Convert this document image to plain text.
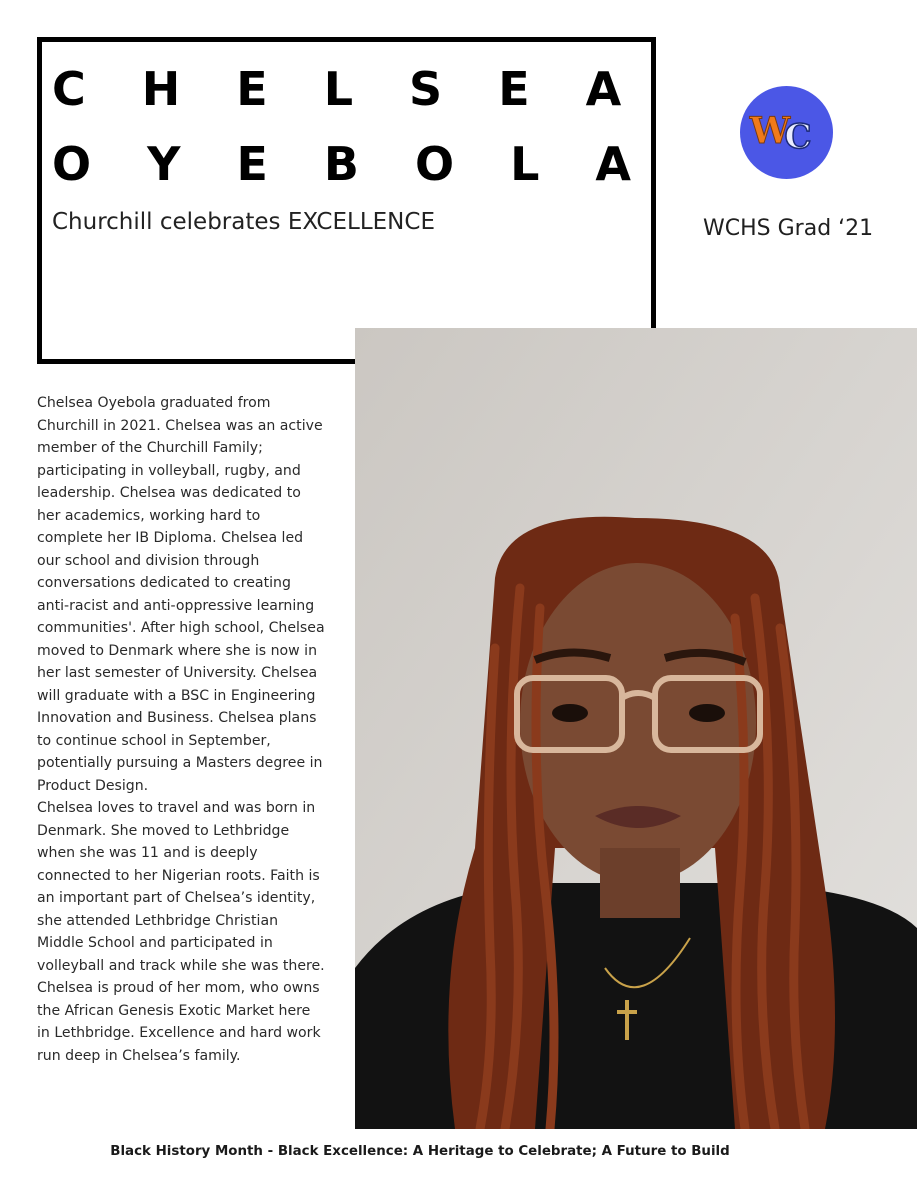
C H E L S E A
O Y E B O L A
Churchill celebrates EXCELLENCE
W
C
WCHS Grad ‘21

Chelsea Oyebola graduated from Churchill in 2021. Chelsea was an active member of the Churchill Family; participating in volleyball, rugby, and leadership. Chelsea was dedicated to her academics, working hard to complete her IB Diploma. Chelsea led our school and division through conversations dedicated to creating anti-racist and anti-oppressive learning communities'. After high school, Chelsea moved to Denmark where she is now in her last semester of University. Chelsea will graduate with a BSC in Engineering Innovation and Business. Chelsea plans to continue school in September, potentially pursuing a Masters degree in Product Design.

Chelsea loves to travel and was born in Denmark. She moved to Lethbridge when she was 11 and is deeply connected to her Nigerian roots. Faith is an important part of Chelsea’s identity, she attended Lethbridge Christian Middle School and participated in volleyball and track while she was there.

Chelsea is proud of her mom, who owns the African Genesis Exotic Market here in Lethbridge. Excellence and hard work run deep in Chelsea’s family.

Black History Month - Black Excellence: A Heritage to Celebrate; A Future to Build
